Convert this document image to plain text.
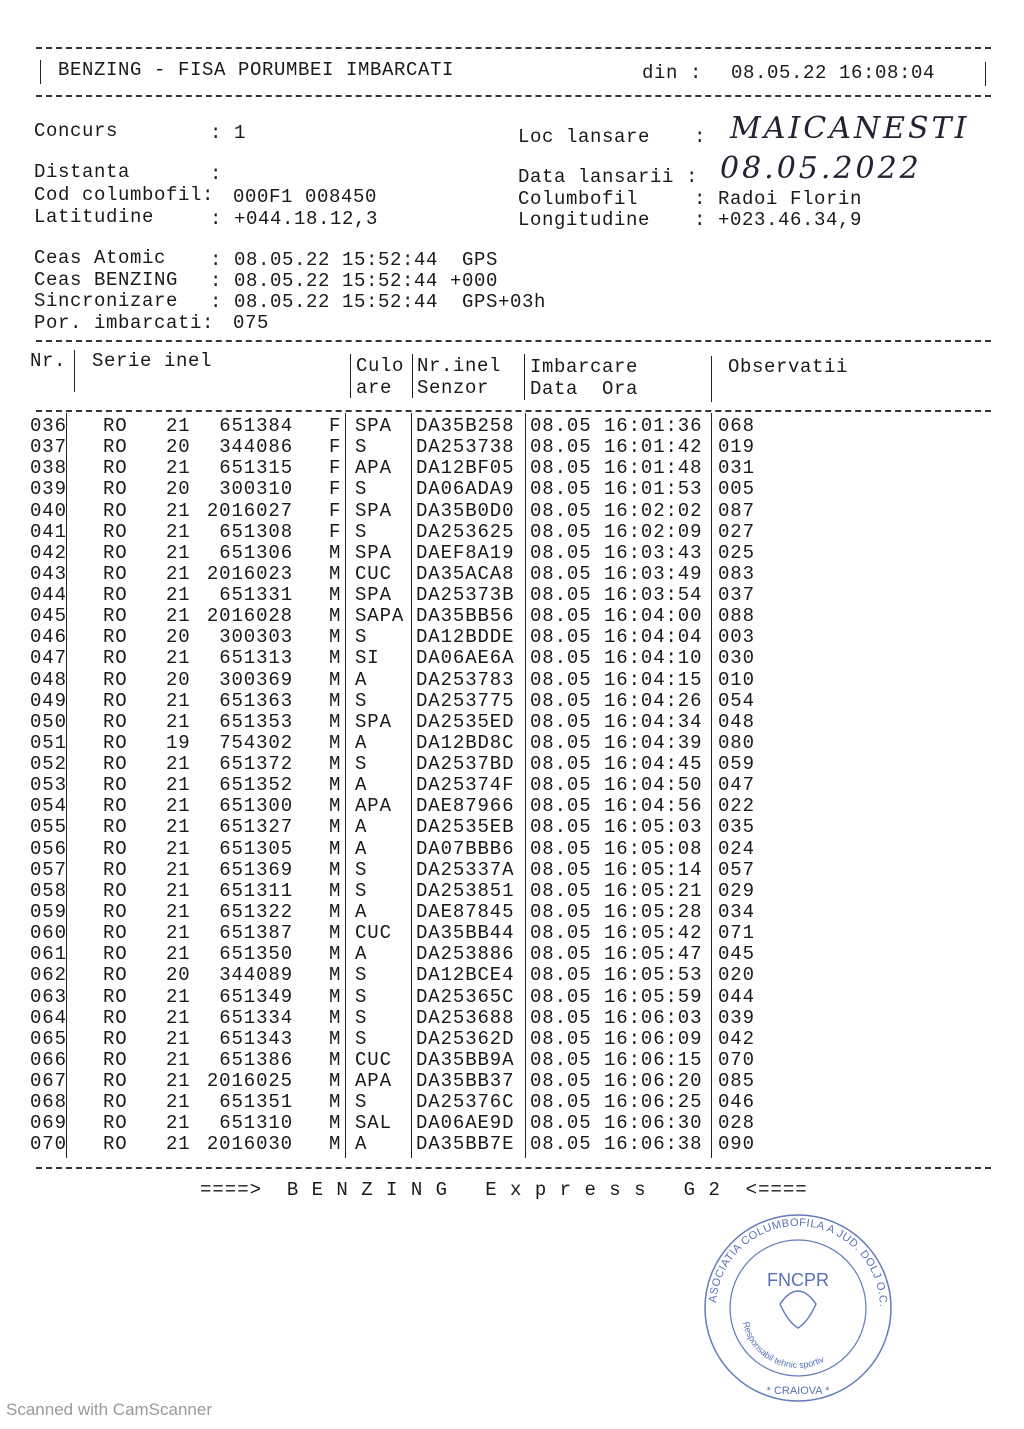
BENZING - FISA PORUMBEI IMBARCATI	din : 08.05.22 16:08:04
Concurs	: 1
Distanta	:
Cod columbofil: 000F1 008450
Latitudine	: +044.18.12,3
Loc lansare : MAICANESTI
Data lansarii : 08.05.2022
Columbofil	: Radoi Florin
Longitudine : +023.46.34,9
Ceas Atomic : 08.05.22 15:52:44  GPS
Ceas BENZING : 08.05.22 15:52:44 +000
Sincronizare : 08.05.22 15:52:44  GPS+03h
Por. imbarcati: 075
Nr. Serie inel	Culo
are
Nr.inel
Senzor
Imbarcare
Data  Ora
Observatii
036 RO 21	651384 F SPA DA35B258 08.05 16:01:36 068
037 RO 20	344086 F S	DA253738 08.05 16:01:42 019
038 RO 21	651315 F APA DA12BF05 08.05 16:01:48 031
039 RO 20	300310 F S	DA06ADA9 08.05 16:01:53 005
040 RO 21 2016027 F SPA DA35B0D0 08.05 16:02:02 087
041 RO 21	651308 F S	DA253625 08.05 16:02:09 027
042 RO 21	651306 M SPA DAEF8A19 08.05 16:03:43 025
043 RO 21 2016023 M CUC DA35ACA8 08.05 16:03:49 083
044 RO 21	651331 M SPA DA25373B 08.05 16:03:54 037
045 RO 21 2016028 M SAPA DA35BB56 08.05 16:04:00 088
046 RO 20	300303 M S	DA12BDDE 08.05 16:04:04 003
047 RO 21	651313 M SI DA06AE6A 08.05 16:04:10 030
048 RO 20	300369 M A	DA253783 08.05 16:04:15 010
049 RO 21	651363 M S	DA253775 08.05 16:04:26 054
050 RO 21	651353 M SPA DA2535ED 08.05 16:04:34 048
051 RO 19	754302 M A	DA12BD8C 08.05 16:04:39 080
052 RO 21	651372 M S	DA2537BD 08.05 16:04:45 059
053 RO 21	651352 M A	DA25374F 08.05 16:04:50 047
054 RO 21	651300 M APA DAE87966 08.05 16:04:56 022
055 RO 21	651327 M A	DA2535EB 08.05 16:05:03 035
056 RO 21	651305 M A	DA07BBB6 08.05 16:05:08 024
057 RO 21	651369 M S	DA25337A 08.05 16:05:14 057
058 RO 21	651311 M S	DA253851 08.05 16:05:21 029
059 RO 21	651322 M A	DAE87845 08.05 16:05:28 034
060 RO 21	651387 M CUC DA35BB44 08.05 16:05:42 071
061 RO 21	651350 M A	DA253886 08.05 16:05:47 045
062 RO 20	344089 M S	DA12BCE4 08.05 16:05:53 020
063 RO 21	651349 M S	DA25365C 08.05 16:05:59 044
064 RO 21	651334 M S	DA253688 08.05 16:06:03 039
065 RO 21	651343 M S	DA25362D 08.05 16:06:09 042
066 RO 21	651386 M CUC DA35BB9A 08.05 16:06:15 070
067 RO 21 2016025 M APA DA35BB37 08.05 16:06:20 085
068 RO 21	651351 M S	DA25376C 08.05 16:06:25 046
069 RO 21	651310 M SAL DA06AE9D 08.05 16:06:30 028
070 RO 21 2016030 M A	DA35BB7E 08.05 16:06:38 090
====>  B E N Z I N G   E x p r e s s   G 2  <====
ASOCIATIA COLUMBOFILA A JUD. DOLJ O.C.
FNCPR
Responsabil tehnic sportiv
* CRAIOVA *
Scanned with CamScanner
